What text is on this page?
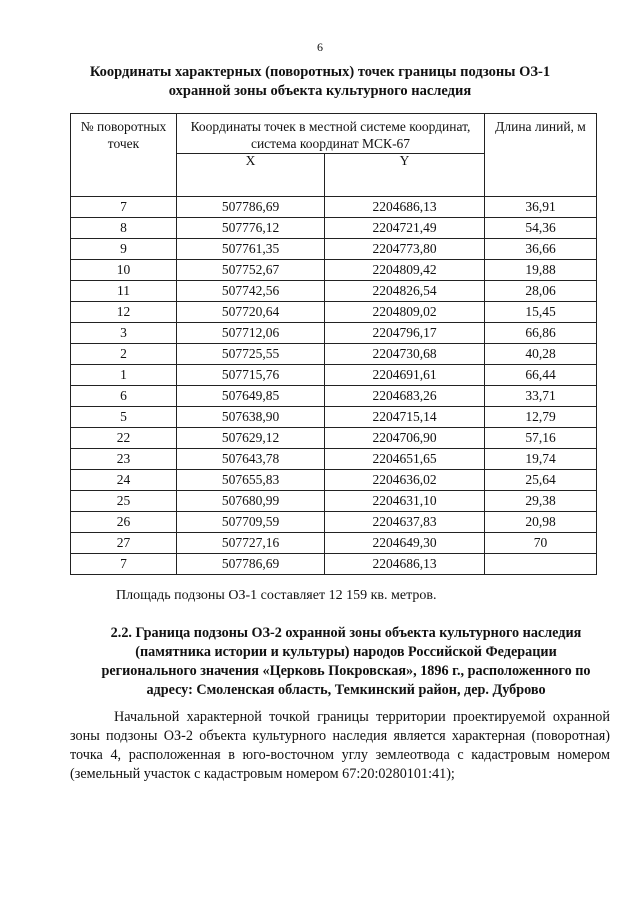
6
Координаты характерных (поворотных) точек границы подзоны ОЗ-1 охранной зоны объекта культурного наследия
№ поворотных точек	Координаты точек в местной системе координат, система координат МСК-67		Длина линий, м
	X	Y	
7	507786,69	2204686,13	36,91
8	507776,12	2204721,49	54,36
9	507761,35	2204773,80	36,66
10	507752,67	2204809,42	19,88
11	507742,56	2204826,54	28,06
12	507720,64	2204809,02	15,45
3	507712,06	2204796,17	66,86
2	507725,55	2204730,68	40,28
1	507715,76	2204691,61	66,44
6	507649,85	2204683,26	33,71
5	507638,90	2204715,14	12,79
22	507629,12	2204706,90	57,16
23	507643,78	2204651,65	19,74
24	507655,83	2204636,02	25,64
25	507680,99	2204631,10	29,38
26	507709,59	2204637,83	20,98
27	507727,16	2204649,30	70
7	507786,69	2204686,13	
Площадь подзоны ОЗ-1 составляет 12 159 кв. метров.
2.2. Граница подзоны ОЗ-2 охранной зоны объекта культурного наследия (памятника истории и культуры) народов Российской Федерации регионального значения «Церковь Покровская», 1896 г., расположенного по адресу: Смоленская область, Темкинский район, дер. Дуброво
Начальной характерной точкой границы территории проектируемой охранной зоны подзоны ОЗ-2 объекта культурного наследия является характерная (поворотная) точка 4, расположенная в юго-восточном углу землеотвода с кадастровым номером (земельный участок с кадастровым номером 67:20:0280101:41);
